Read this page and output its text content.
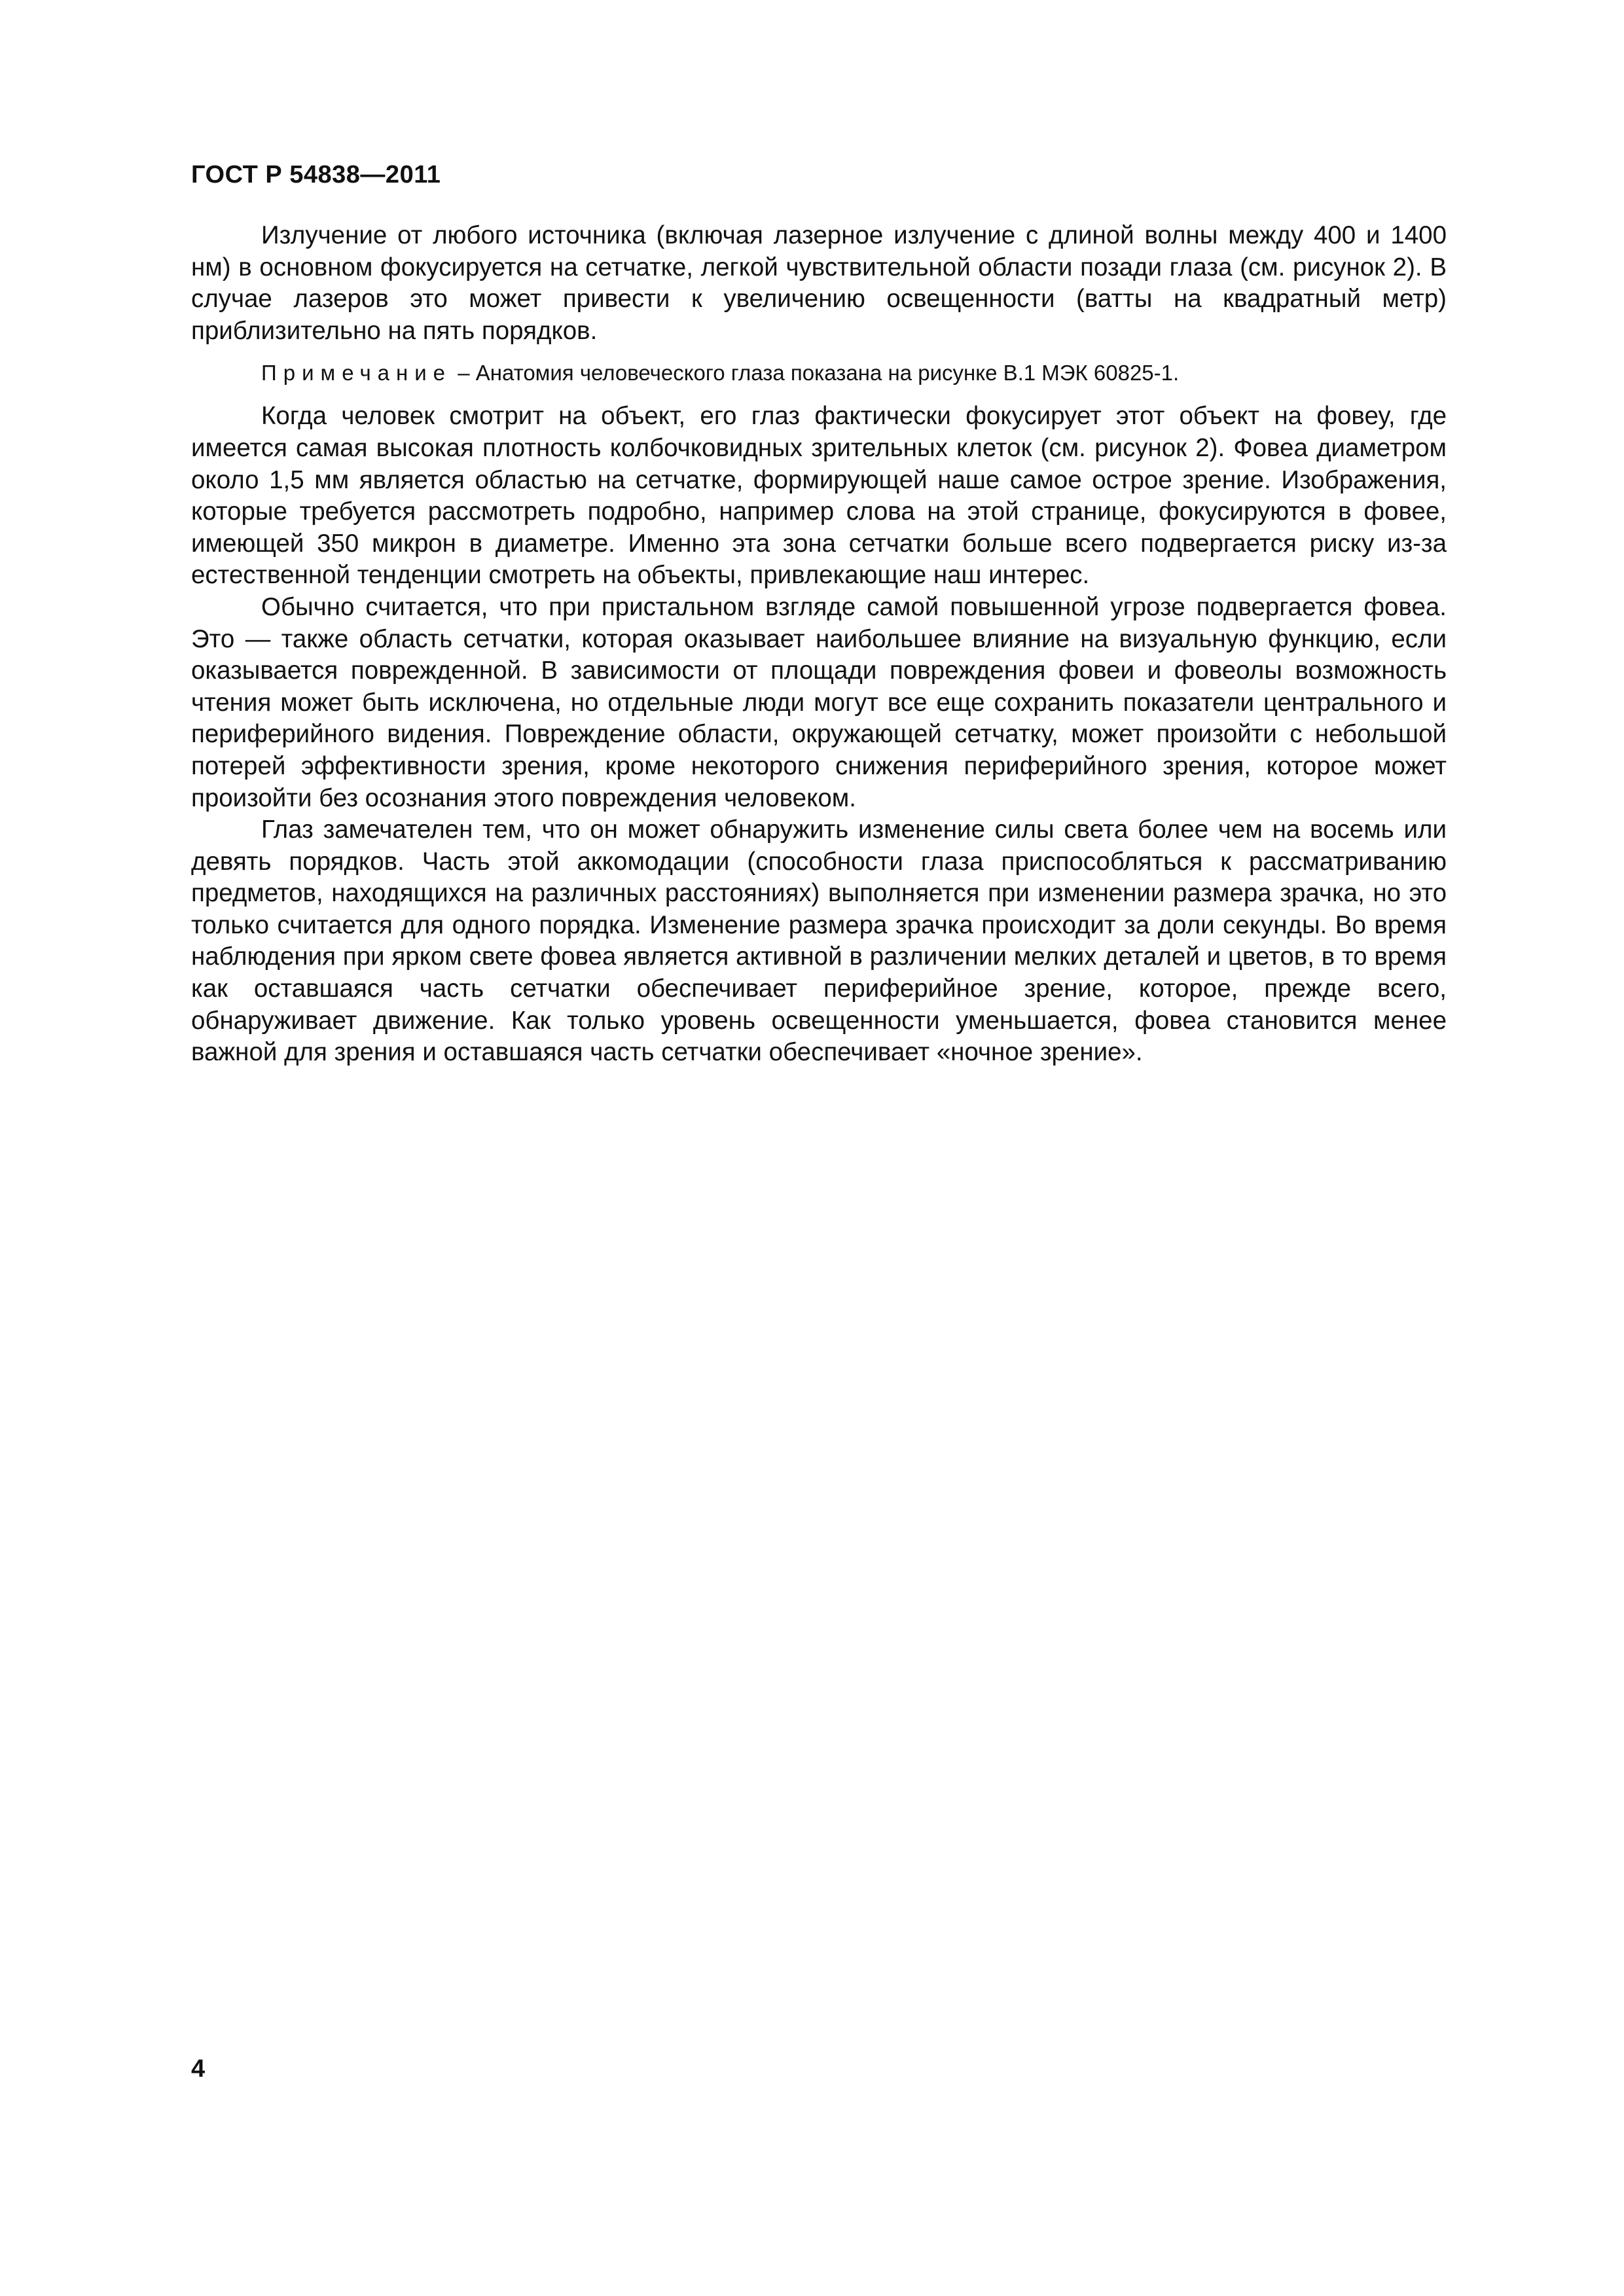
ГОСТ Р 54838—2011

Излучение от любого источника (включая лазерное излучение с длиной волны между 400 и 1400 нм) в основном фокусируется на сетчатке, легкой чувствительной области позади глаза (см. рисунок 2). В случае лазеров это может привести к увеличению освещенности (ватты на квадратный метр) приблизительно на пять порядков.

Примечание – Анатомия человеческого глаза показана на рисунке В.1 МЭК 60825-1.

Когда человек смотрит на объект, его глаз фактически фокусирует этот объект на фовеу, где имеется самая высокая плотность колбочковидных зрительных клеток (см. рисунок 2). Фовеа диаметром около 1,5 мм является областью на сетчатке, формирующей наше самое острое зрение. Изображения, которые требуется рассмотреть подробно, например слова на этой странице, фокусируются в фовее, имеющей 350 микрон в диаметре. Именно эта зона сетчатки больше всего подвергается риску из-за естественной тенденции смотреть на объекты, привлекающие наш интерес.

Обычно считается, что при пристальном взгляде самой повышенной угрозе подвергается фовеа. Это — также область сетчатки, которая оказывает наибольшее влияние на визуальную функцию, если оказывается поврежденной. В зависимости от площади повреждения фовеи и фовеолы возможность чтения может быть исключена, но отдельные люди могут все еще сохранить показатели центрального и периферийного видения. Повреждение области, окружающей сетчатку, может произойти с небольшой потерей эффективности зрения, кроме некоторого снижения периферийного зрения, которое может произойти без осознания этого повреждения человеком.

Глаз замечателен тем, что он может обнаружить изменение силы света более чем на восемь или девять порядков. Часть этой аккомодации (способности глаза приспособляться к рассматриванию предметов, находящихся на различных расстояниях) выполняется при изменении размера зрачка, но это только считается для одного порядка. Изменение размера зрачка происходит за доли секунды. Во время наблюдения при ярком свете фовеа является активной в различении мелких деталей и цветов, в то время как оставшаяся часть сетчатки обеспечивает периферийное зрение, которое, прежде всего, обнаруживает движение. Как только уровень освещенности уменьшается, фовеа становится менее важной для зрения и оставшаяся часть сетчатки обеспечивает «ночное зрение».

4
